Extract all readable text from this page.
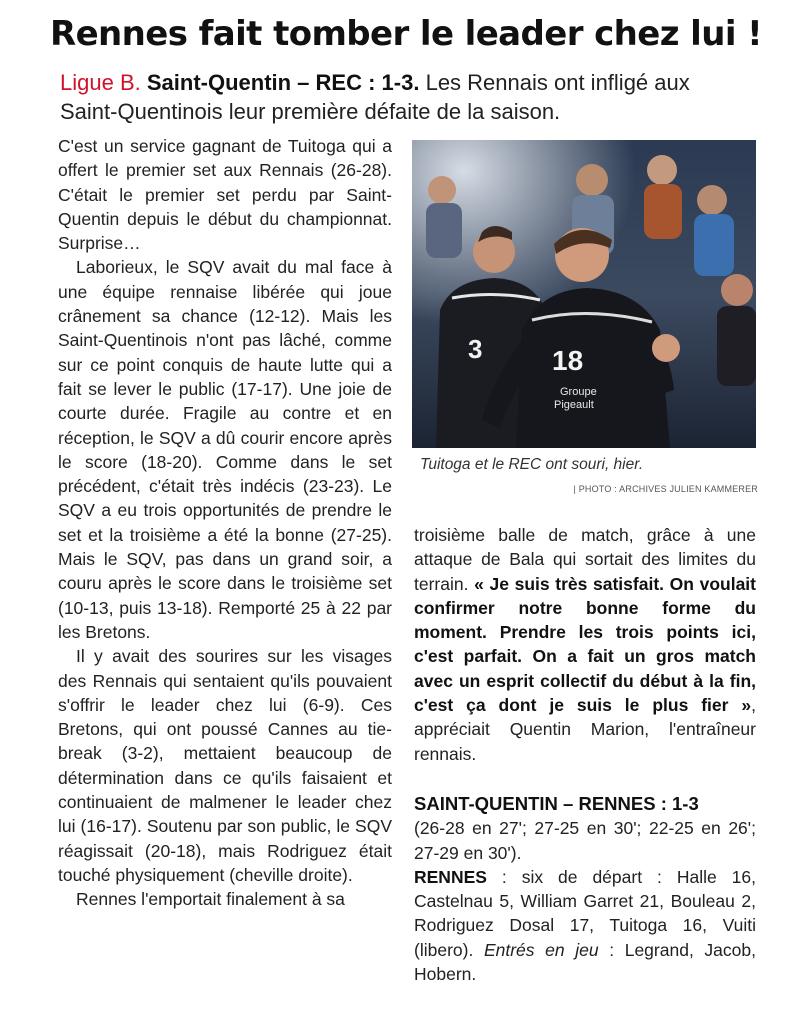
Rennes fait tomber le leader chez lui !
Ligue B. Saint-Quentin – REC : 1-3. Les Rennais ont infligé aux Saint-Quentinois leur première défaite de la saison.

C'est un service gagnant de Tuitoga qui a offert le premier set aux Rennais (26-28). C'était le premier set perdu par Saint-Quentin depuis le début du championnat. Surprise…

Laborieux, le SQV avait du mal face à une équipe rennaise libérée qui joue crânement sa chance (12-12). Mais les Saint-Quentinois n'ont pas lâché, comme sur ce point conquis de haute lutte qui a fait se lever le public (17-17). Une joie de courte durée. Fragile au contre et en réception, le SQV a dû courir encore après le score (18-20). Comme dans le set précédent, c'était très indécis (23-23). Le SQV a eu trois opportunités de prendre le set et la troisième a été la bonne (27-25). Mais le SQV, pas dans un grand soir, a couru après le score dans le troisième set (10-13, puis 13-18). Remporté 25 à 22 par les Bretons.

Il y avait des sourires sur les visages des Rennais qui sentaient qu'ils pouvaient s'offrir le leader chez lui (6-9). Ces Bretons, qui ont poussé Cannes au tie-break (3-2), mettaient beaucoup de détermination dans ce qu'ils faisaient et continuaient de malmener le leader chez lui (16-17). Soutenu par son public, le SQV réagissait (20-18), mais Rodriguez était touché physiquement (cheville droite).

Rennes l'emportait finalement à sa

3 18
Groupe
Pigeault
Tuitoga et le REC ont souri, hier.
| PHOTO : ARCHIVES JULIEN KAMMERER

troisième balle de match, grâce à une attaque de Bala qui sortait des limites du terrain. « Je suis très satisfait. On voulait confirmer notre bonne forme du moment. Prendre les trois points ici, c'est parfait. On a fait un gros match avec un esprit collectif du début à la fin, c'est ça dont je suis le plus fier », appréciait Quentin Marion, l'entraîneur rennais.

SAINT-QUENTIN – RENNES : 1-3

(26-28 en 27'; 27-25 en 30'; 22-25 en 26'; 27-29 en 30').

RENNES : six de départ : Halle 16, Castelnau 5, William Garret 21, Bouleau 2, Rodriguez Dosal 17, Tuitoga 16, Vuiti (libero). Entrés en jeu : Legrand, Jacob, Hobern.
